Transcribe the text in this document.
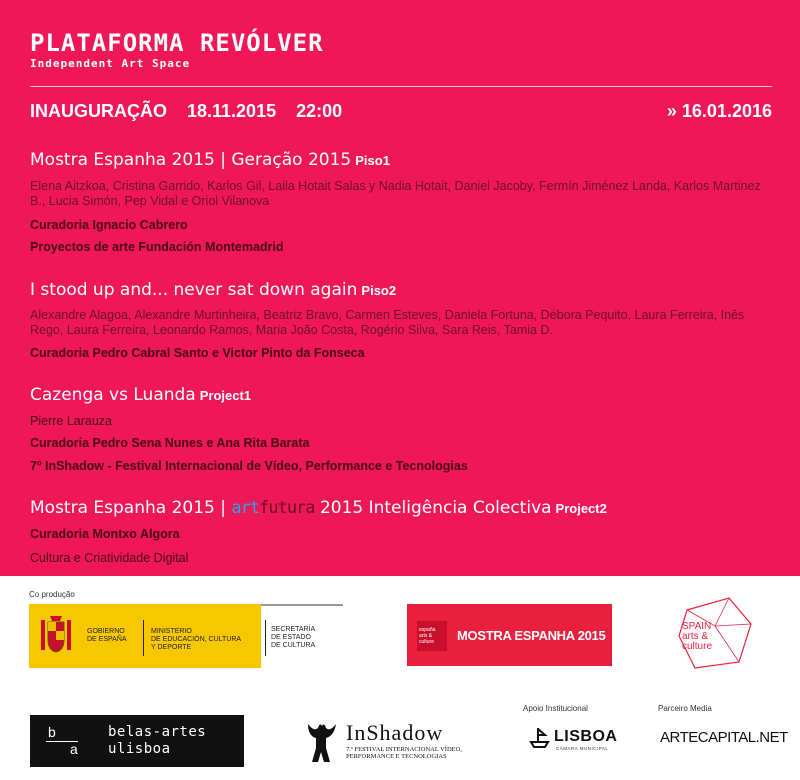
PLATAFORMA REVÓLVER
Independent Art Space
INAUGURAÇÃO    18.11.2015    22:00	» 16.01.2016
Mostra Espanha 2015 | Geração 2015 Piso1
Elena Aitzkoa, Cristina Garrido, Karlos Gil, Laila Hotait Salas y Nadia Hotait, Daniel Jacoby, Fermín Jiménez Landa, Karlos Martinez B., Lucia Simón, Pep Vidal e Oriol Vilanova
Curadoria Ignacio Cabrero
Proyectos de arte Fundación Montemadrid
I stood up and... never sat down again Piso2
Alexandre Alagoa, Alexandre Murtinheira, Beatriz Bravo, Carmen Esteves, Daniela Fortuna, Débora Pequito, Laura Ferreira, Inês Rego, Laura Ferreira, Leonardo Ramos, Maria João Costa, Rogério Silva, Sara Reis, Tamia D.
Curadoria Pedro Cabral Santo e Victor Pinto da Fonseca
Cazenga vs Luanda Project1
Pierre Larauza
Curadoria Pedro Sena Nunes e Ana Rita Barata
7º InShadow - Festival Internacional de Vídeo, Performance e Tecnologias
Mostra Espanha 2015 | artfutura 2015 Inteligência Colectiva Project2
Curadoria Montxo Algora
Cultura e Criatividade Digital
Co produção
GOBIERNO
DE ESPAÑA
MINISTERIO
DE EDUCACIÓN, CULTURA
Y DEPORTE
SECRETARÍA
DE ESTADO
DE CULTURA
españa
arts &
culture MOSTRA ESPANHA 2015
SPAIN
arts &
culture
b
a
belas-artes
ulisboa
InShadow
7.º FESTIVAL INTERNACIONAL VÍDEO,
PERFORMANCE E TECNOLOGIAS
Apoio Institucional
LISBOA
CÂMARA MUNICIPAL
Parceiro Media
ARTECAPITAL.NET
